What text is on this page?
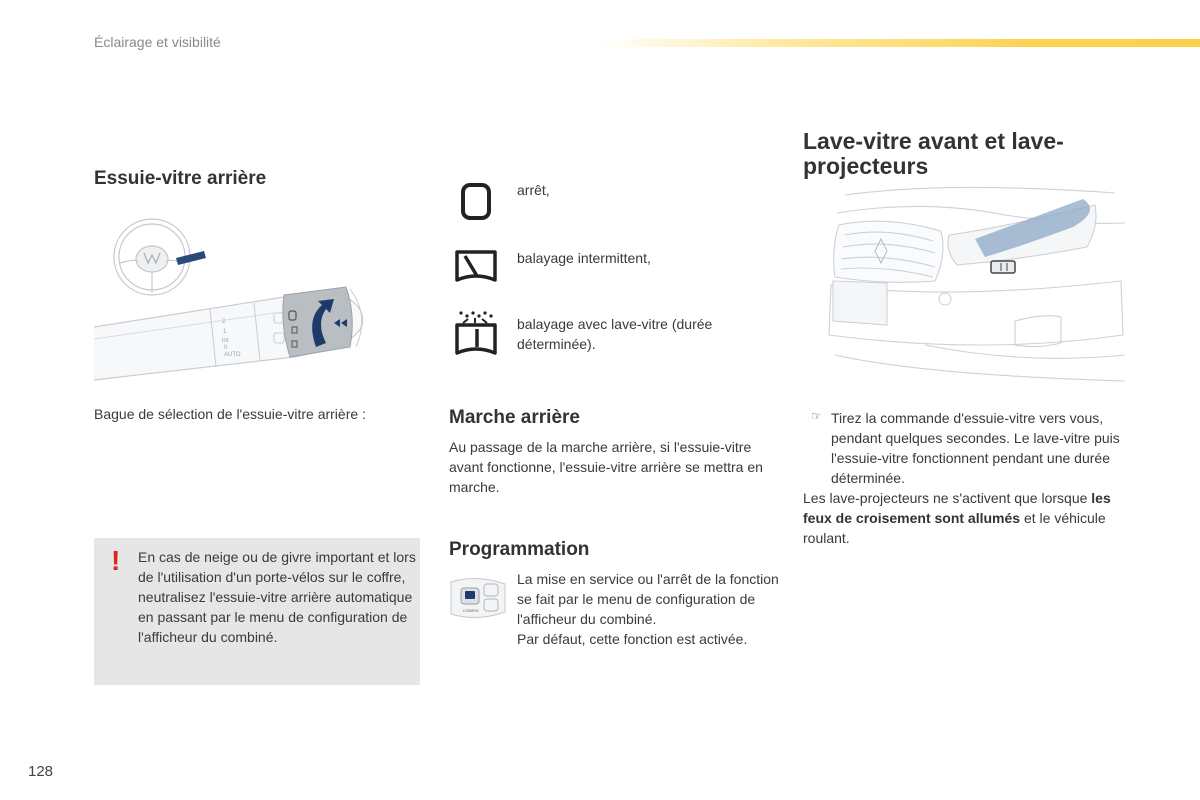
Éclairage et visibilité
Essuie-vitre arrière
2
1
int
0
AUTO
Bague de sélection de l'essuie-vitre arrière :
! En cas de neige ou de givre important et lors de l'utilisation d'un porte-vélos sur le coffre, neutralisez l'essuie-vitre arrière automatique en passant par le menu de configuration de l'afficheur du combiné.
arrêt,
balayage intermittent,
balayage avec lave-vitre (durée déterminée).
Marche arrière
Au passage de la marche arrière, si l'essuie-vitre avant fonctionne, l'essuie-vitre arrière se mettra en marche.
Programmation
CONFIG
La mise en service ou l'arrêt de la fonction se fait par le menu de configuration de l'afficheur du combiné.
Par défaut, cette fonction est activée.
Lave-vitre avant et lave-projecteurs
☞ Tirez la commande d'essuie-vitre vers vous, pendant quelques secondes. Le lave-vitre puis l'essuie-vitre fonctionnent pendant une durée déterminée.
Les lave-projecteurs ne s'activent que lorsque les feux de croisement sont allumés et le véhicule roulant.
128
